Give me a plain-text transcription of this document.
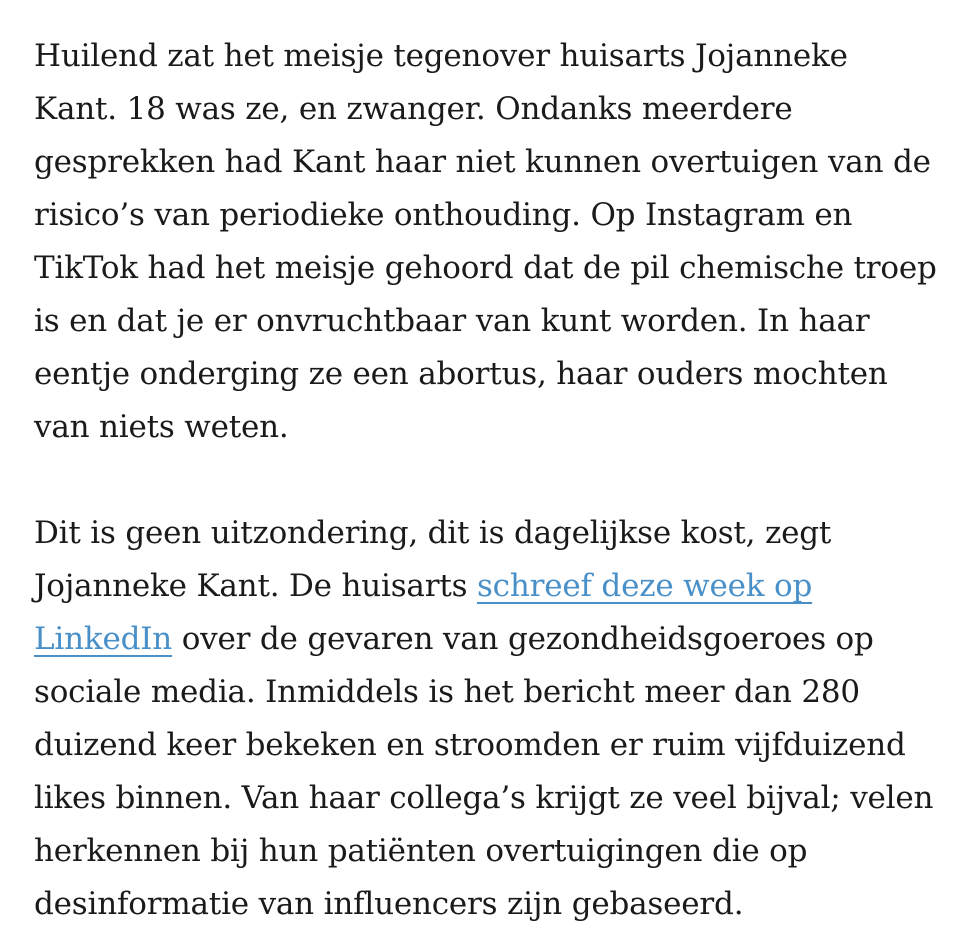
Huilend zat het meisje tegenover huisarts Jojanneke
Kant. 18 was ze, en zwanger. Ondanks meerdere
gesprekken had Kant haar niet kunnen overtuigen van de
risico’s van periodieke onthouding. Op Instagram en
TikTok had het meisje gehoord dat de pil chemische troep
is en dat je er onvruchtbaar van kunt worden. In haar
eentje onderging ze een abortus, haar ouders mochten
van niets weten.

Dit is geen uitzondering, dit is dagelijkse kost, zegt
Jojanneke Kant. De huisarts schreef deze week op
LinkedIn over de gevaren van gezondheidsgoeroes op
sociale media. Inmiddels is het bericht meer dan 280
duizend keer bekeken en stroomden er ruim vijfduizend
likes binnen. Van haar collega’s krijgt ze veel bijval; velen
herkennen bij hun patiënten overtuigingen die op
desinformatie van influencers zijn gebaseerd.
